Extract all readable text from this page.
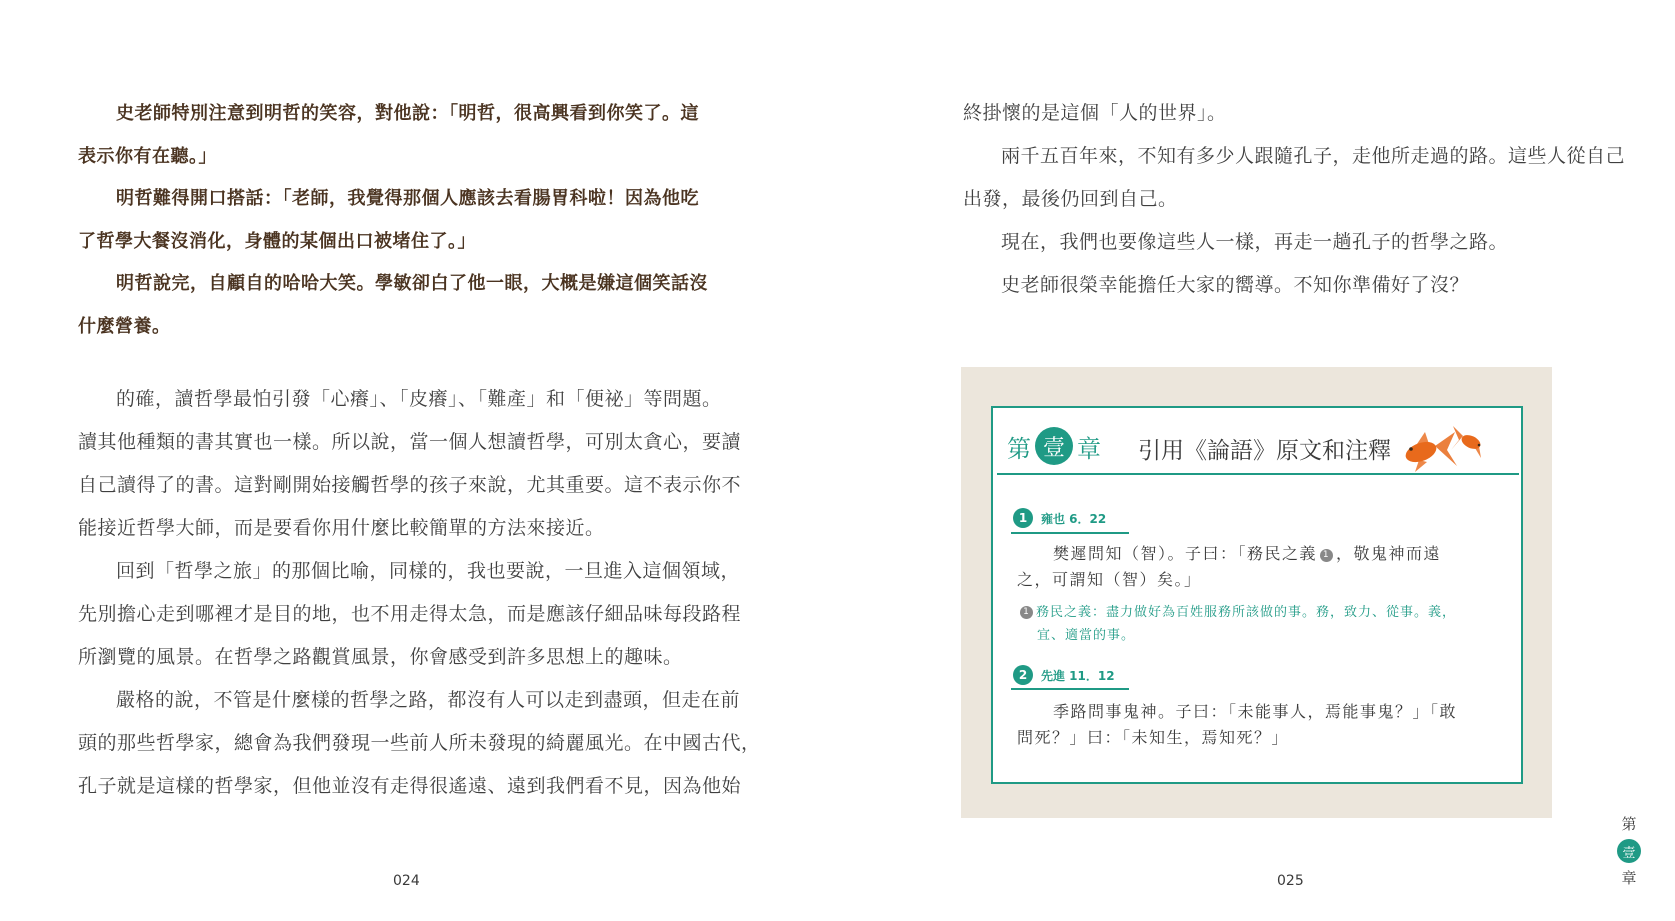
史老師特別注意到明哲的笑容，對他說：「明哲，很高興看到你笑了。這
表示你有在聽。」
明哲難得開口搭話：「老師，我覺得那個人應該去看腸胃科啦！因為他吃
了哲學大餐沒消化，身體的某個出口被堵住了。」
明哲說完，自顧自的哈哈大笑。學敏卻白了他一眼，大概是嫌這個笑話沒
什麼營養。
的確，讀哲學最怕引發「心癢」、「皮癢」、「難產」和「便祕」等問題。
讀其他種類的書其實也一樣。所以說，當一個人想讀哲學，可別太貪心，要讀
自己讀得了的書。這對剛開始接觸哲學的孩子來說，尤其重要。這不表示你不
能接近哲學大師，而是要看你用什麼比較簡單的方法來接近。
回到「哲學之旅」的那個比喻，同樣的，我也要說，一旦進入這個領域，
先別擔心走到哪裡才是目的地，也不用走得太急，而是應該仔細品味每段路程
所瀏覽的風景。在哲學之路觀賞風景，你會感受到許多思想上的趣味。
嚴格的說，不管是什麼樣的哲學之路，都沒有人可以走到盡頭，但走在前
頭的那些哲學家，總會為我們發現一些前人所未發現的綺麗風光。在中國古代，
孔子就是這樣的哲學家，但他並沒有走得很遙遠、遠到我們看不見，因為他始
024
終掛懷的是這個「人的世界」。
兩千五百年來，不知有多少人跟隨孔子，走他所走過的路。這些人從自己
出發，最後仍回到自己。
現在，我們也要像這些人一樣，再走一趟孔子的哲學之路。
史老師很榮幸能擔任大家的嚮導。不知你準備好了沒？
025
第 壹 章 引用《論語》原文和注釋
1	雍也 6．22
樊遲問知（智）。子曰：「務民之義 1 ，敬鬼神而遠
之，可謂知（智）矣。」
1 務民之義：盡力做好為百姓服務所該做的事。務，致力、從事。義，
宜、適當的事。
2	先進 11．12
季路問事鬼神。子曰：「未能事人，焉能事鬼？」「敢
問死？」曰：「未知生，焉知死？」
第
壹
章
